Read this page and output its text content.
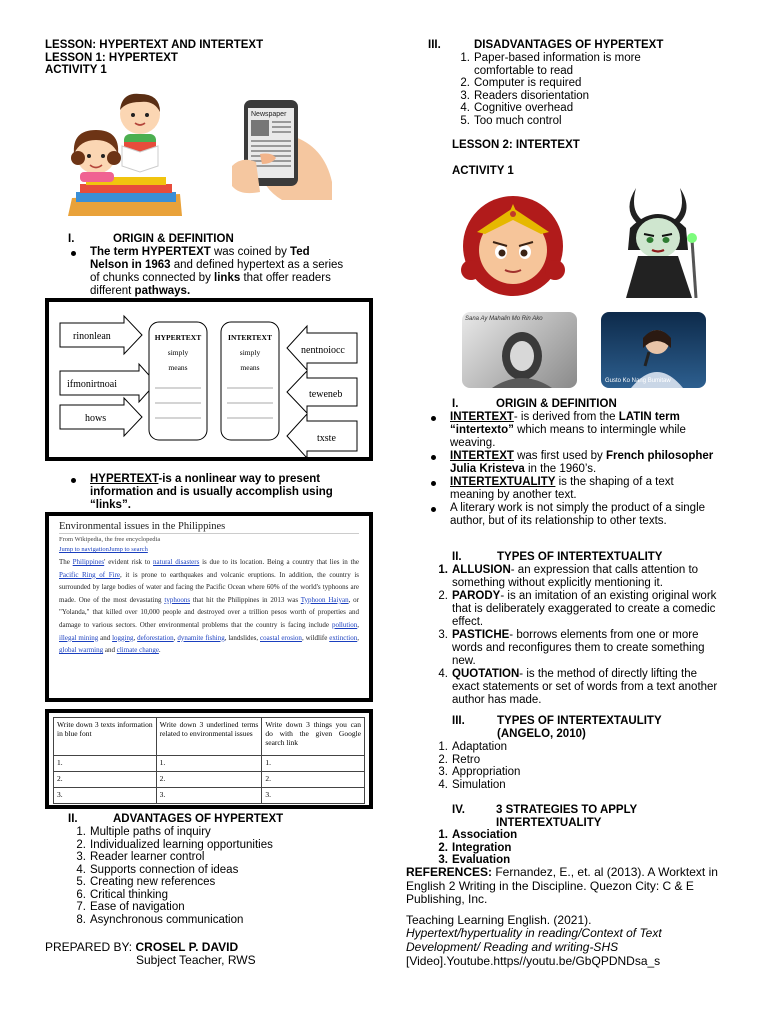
LESSON: HYPERTEXT AND INTERTEXT
LESSON 1: HYPERTEXT
ACTIVITY 1
Newspaper
I.	ORIGIN & DEFINITION
The term HYPERTEXT was coined by Ted Nelson in 1963 and defined hypertext as a series of chunks connected by links that offer readers different pathways.
rinonlean
ifmonirtnoai
hows
nentnoiocc
teweneb
txste
HYPERTEXT
simply
means
INTERTEXT
simply
means
HYPERTEXT-is a nonlinear way to present information and is usually accomplish using “links”.
Environmental issues in the Philippines
From Wikipedia, the free encyclopedia
Jump to navigationJump to search
The Philippines' evident risk to natural disasters is due to its location. Being a country that lies in the Pacific Ring of Fire, it is prone to earthquakes and volcanic eruptions. In addition, the country is surrounded by large bodies of water and facing the Pacific Ocean where 60% of the world's typhoons are made. One of the most devastating typhoons that hit the Philippines in 2013 was Typhoon Haiyan, or "Yolanda," that killed over 10,000 people and destroyed over a trillion pesos worth of properties and damage to various sectors. Other environmental problems that the country is facing include pollution, illegal mining and logging, deforestation, dynamite fishing, landslides, coastal erosion, wildlife extinction, global warming and climate change.
Write down 3 texts information in blue font	Write down 3 underlined terms related to environmental issues	Write down 3 things you can do with the given Google search link
1.	1.	1.
2.	2.	2.
3.	3.	3.
II.	ADVANTAGES OF HYPERTEXT
1. Multiple paths of inquiry
2. Individualized learning opportunities
3. Reader learner control
4. Supports connection of ideas
5. Creating new references
6. Critical thinking
7. Ease of navigation
8. Asynchronous communication
PREPARED BY: CROSEL P. DAVID
Subject Teacher, RWS
III.	DISADVANTAGES OF HYPERTEXT
1. Paper-based information is more comfortable to read
2. Computer is required
3. Readers disorientation
4. Cognitive overhead
5. Too much control
LESSON 2: INTERTEXT
ACTIVITY 1
Sana Ay Mahalin Mo Rin Ako
Gusto Ko Nang Bumitaw
I.	ORIGIN & DEFINITION
INTERTEXT- is derived from the LATIN term “intertexto” which means to intermingle while weaving.
INTERTEXT was first used by French philosopher Julia Kristeva in the 1960’s.
INTERTEXTUALITY is the shaping of a text meaning by another text.
A literary work is not simply the product of a single author, but of its relationship to other texts.
II.	TYPES OF INTERTEXTUALITY
1. ALLUSION- an expression that calls attention to something without explicitly mentioning it.
2. PARODY- is an imitation of an existing original work that is deliberately exaggerated to create a comedic effect.
3. PASTICHE- borrows elements from one or more words and reconfigures them to create something new.
4. QUOTATION- is the method of directly lifting the exact statements or set of words from a text another author has made.
III.	TYPES OF INTERTEXTAULITY
(ANGELO, 2010)
1. Adaptation
2. Retro
3. Appropriation
4. Simulation
IV.	3 STRATEGIES TO APPLY
INTERTEXTUALITY
1. Association
2. Integration
3. Evaluation
REFERENCES: Fernandez, E., et. al (2013). A Worktext in English 2 Writing in the Discipline. Quezon City: C & E Publishing, Inc.
Teaching Learning English. (2021).
Hypertext/hypertuality in reading/Context of Text Development/ Reading and writing-SHS
[Video].Youtube.https//youtu.be/GbQPDNDsa_s
